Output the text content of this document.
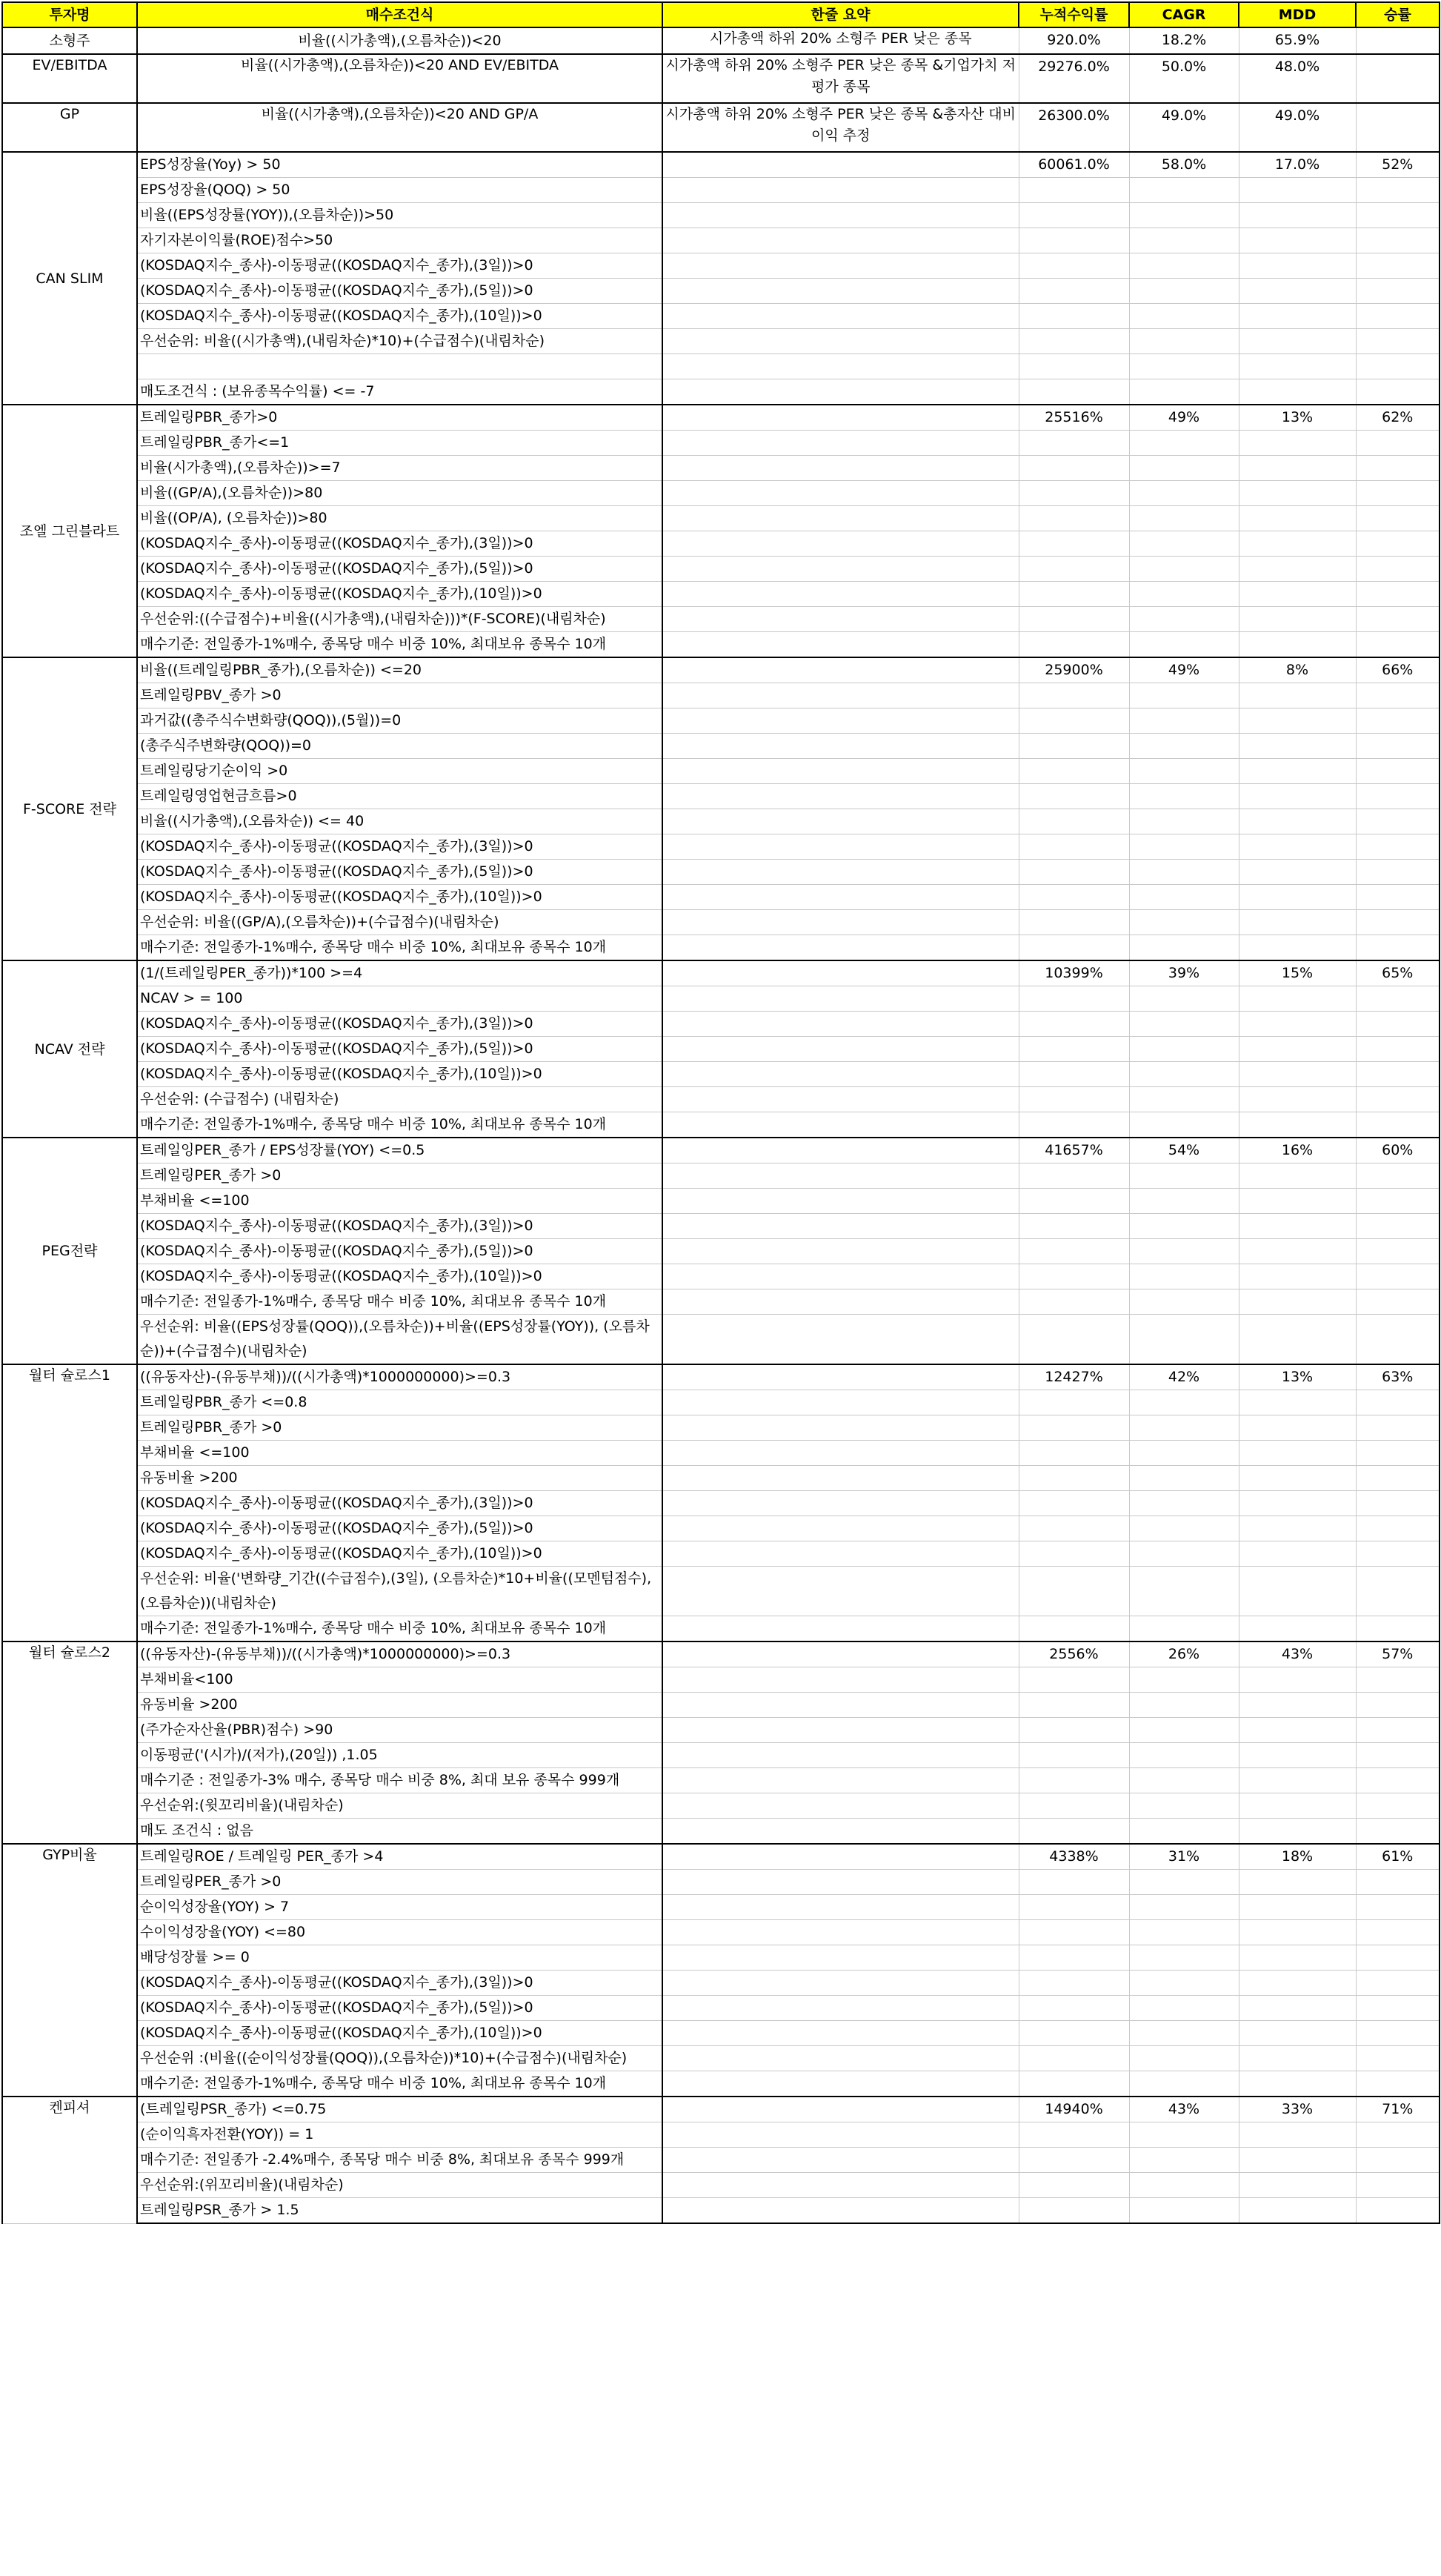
투자명	매수조건식	한줄 요약	누적수익률	CAGR	MDD	승률
소형주	비율((시가총액),(오름차순))<20	시가총액 하위 20% 소형주 PER 낮은 종목	920.0%	18.2%	65.9%	
EV/EBITDA	비율((시가총액),(오름차순))<20 AND EV/EBITDA	시가총액 하위 20% 소형주 PER 낮은 종목 &기업가치 저평가 종목	29276.0%	50.0%	48.0%	
GP	비율((시가총액),(오름차순))<20 AND GP/A	시가총액 하위 20% 소형주 PER 낮은 종목 &총자산 대비 이익 추정	26300.0%	49.0%	49.0%	
CAN SLIM	EPS성장율(Yoy) > 50		60061.0%	58.0%	17.0%	52%
	EPS성장율(QOQ) > 50					
	비율((EPS성장률(YOY)),(오름차순))>50					
	자기자본이익률(ROE)점수>50					
	(KOSDAQ지수_종사)-이동평균((KOSDAQ지수_종가),(3일))>0					
	(KOSDAQ지수_종사)-이동평균((KOSDAQ지수_종가),(5일))>0					
	(KOSDAQ지수_종사)-이동평균((KOSDAQ지수_종가),(10일))>0					
	우선순위: 비율((시가총액),(내림차순)*10)+(수급점수)(내림차순)					

	매도조건식 : (보유종목수익률) <= -7					
조엘 그린블라트	트레일링PBR_종가>0		25516%	49%	13%	62%
	트레일링PBR_종가<=1					
	비율(시가총액),(오름차순))>=7					
	비율((GP/A),(오름차순))>80					
	비율((OP/A), (오름차순))>80					
	(KOSDAQ지수_종사)-이동평균((KOSDAQ지수_종가),(3일))>0					
	(KOSDAQ지수_종사)-이동평균((KOSDAQ지수_종가),(5일))>0					
	(KOSDAQ지수_종사)-이동평균((KOSDAQ지수_종가),(10일))>0					
	우선순위:((수급점수)+비율((시가총액),(내림차순)))*(F-SCORE)(내림차순)					
	매수기준: 전일종가-1%매수, 종목당 매수 비중 10%, 최대보유 종목수 10개					
F-SCORE 전략	비율((트레일링PBR_종가),(오름차순)) <=20		25900%	49%	8%	66%
	트레일링PBV_종가 >0					
	과거값((총주식수변화량(QOQ)),(5월))=0					
	(총주식주변화량(QOQ))=0					
	트레일링당기순이익 >0					
	트레일링영업현금흐름>0					
	비율((시가총액),(오름차순)) <= 40					
	(KOSDAQ지수_종사)-이동평균((KOSDAQ지수_종가),(3일))>0					
	(KOSDAQ지수_종사)-이동평균((KOSDAQ지수_종가),(5일))>0					
	(KOSDAQ지수_종사)-이동평균((KOSDAQ지수_종가),(10일))>0					
	우선순위: 비율((GP/A),(오름차순))+(수급점수)(내림차순)					
	매수기준: 전일종가-1%매수, 종목당 매수 비중 10%, 최대보유 종목수 10개					
NCAV 전략	(1/(트레일링PER_종가))*100 >=4		10399%	39%	15%	65%
	NCAV > = 100					
	(KOSDAQ지수_종사)-이동평균((KOSDAQ지수_종가),(3일))>0					
	(KOSDAQ지수_종사)-이동평균((KOSDAQ지수_종가),(5일))>0					
	(KOSDAQ지수_종사)-이동평균((KOSDAQ지수_종가),(10일))>0					
	우선순위: (수급점수) (내림차순)					
	매수기준: 전일종가-1%매수, 종목당 매수 비중 10%, 최대보유 종목수 10개					
PEG전략	트레일잉PER_종가 / EPS성장률(YOY) <=0.5		41657%	54%	16%	60%
	트레일링PER_종가 >0					
	부채비율 <=100					
	(KOSDAQ지수_종사)-이동평균((KOSDAQ지수_종가),(3일))>0					
	(KOSDAQ지수_종사)-이동평균((KOSDAQ지수_종가),(5일))>0					
	(KOSDAQ지수_종사)-이동평균((KOSDAQ지수_종가),(10일))>0					
	매수기준: 전일종가-1%매수, 종목당 매수 비중 10%, 최대보유 종목수 10개					
	우선순위: 비율((EPS성장률(QOQ)),(오름차순))+비율((EPS성장률(YOY)), (오름차순))+(수급점수)(내림차순)					
월터 슐로스1	((유동자산)-(유동부채))/((시가총액)*1000000000)>=0.3		12427%	42%	13%	63%
	트레일링PBR_종가 <=0.8					
	트레일링PBR_종가 >0					
	부채비율 <=100					
	유동비율 >200					
	(KOSDAQ지수_종사)-이동평균((KOSDAQ지수_종가),(3일))>0					
	(KOSDAQ지수_종사)-이동평균((KOSDAQ지수_종가),(5일))>0					
	(KOSDAQ지수_종사)-이동평균((KOSDAQ지수_종가),(10일))>0					
	우선순위: 비율('변화량_기간((수급점수),(3일), (오름차순)*10+비율((모멘텀점수),(오름차순))(내림차순)					
	매수기준: 전일종가-1%매수, 종목당 매수 비중 10%, 최대보유 종목수 10개					
월터 슐로스2	((유동자산)-(유동부채))/((시가총액)*1000000000)>=0.3		2556%	26%	43%	57%
	부채비율<100					
	유동비율 >200					
	(주가순자산율(PBR)점수) >90					
	이동평균('(시가)/(저가),(20일)) ,1.05					
	매수기준 : 전일종가-3% 매수, 종목당 매수 비중 8%, 최대 보유 종목수 999개					
	우선순위:(윗꼬리비율)(내림차순)					
	매도 조건식 : 없음					
GYP비율	트레일링ROE / 트레일링 PER_종가 >4		4338%	31%	18%	61%
	트레일링PER_종가 >0					
	순이익성장율(YOY) > 7					
	수이익성장율(YOY) <=80					
	배당성장률 >= 0					
	(KOSDAQ지수_종사)-이동평균((KOSDAQ지수_종가),(3일))>0					
	(KOSDAQ지수_종사)-이동평균((KOSDAQ지수_종가),(5일))>0					
	(KOSDAQ지수_종사)-이동평균((KOSDAQ지수_종가),(10일))>0					
	우선순위 :(비율((순이익성장률(QOQ)),(오름차순))*10)+(수급점수)(내림차순)					
	매수기준: 전일종가-1%매수, 종목당 매수 비중 10%, 최대보유 종목수 10개					
켄피셔	(트레일링PSR_종가) <=0.75		14940%	43%	33%	71%
	(순이익흑자전환(YOY)) = 1					
	매수기준: 전일종가 -2.4%매수, 종목당 매수 비중 8%, 최대보유 종목수 999개					
	우선순위:(위꼬리비율)(내림차순)					
	트레일링PSR_종가 > 1.5					
